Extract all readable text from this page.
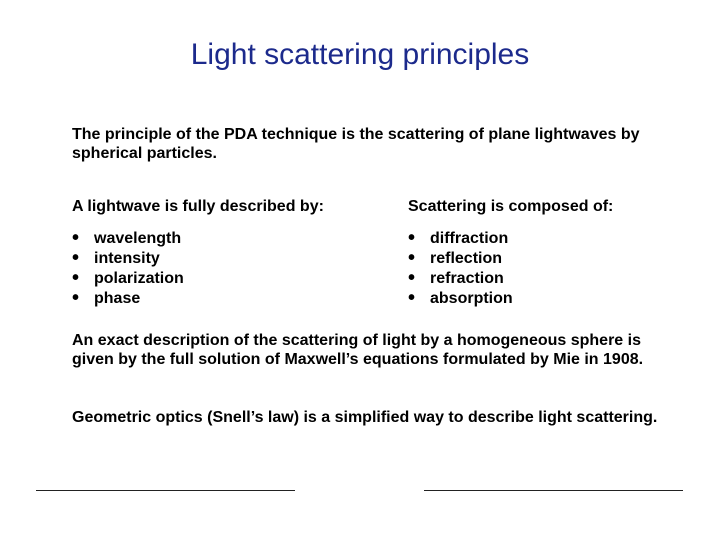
Light scattering principles

The principle of the PDA technique is the scattering of plane lightwaves by spherical particles.

A lightwave is fully described by:

• wavelength
• intensity
• polarization
• phase

Scattering is composed of:

• diffraction
• reflection
• refraction
• absorption

An exact description of the scattering of light by a homogeneous sphere is given by the full solution of Maxwell’s equations formulated by Mie in 1908.

Geometric optics (Snell’s law) is a simplified way to describe light scattering.
